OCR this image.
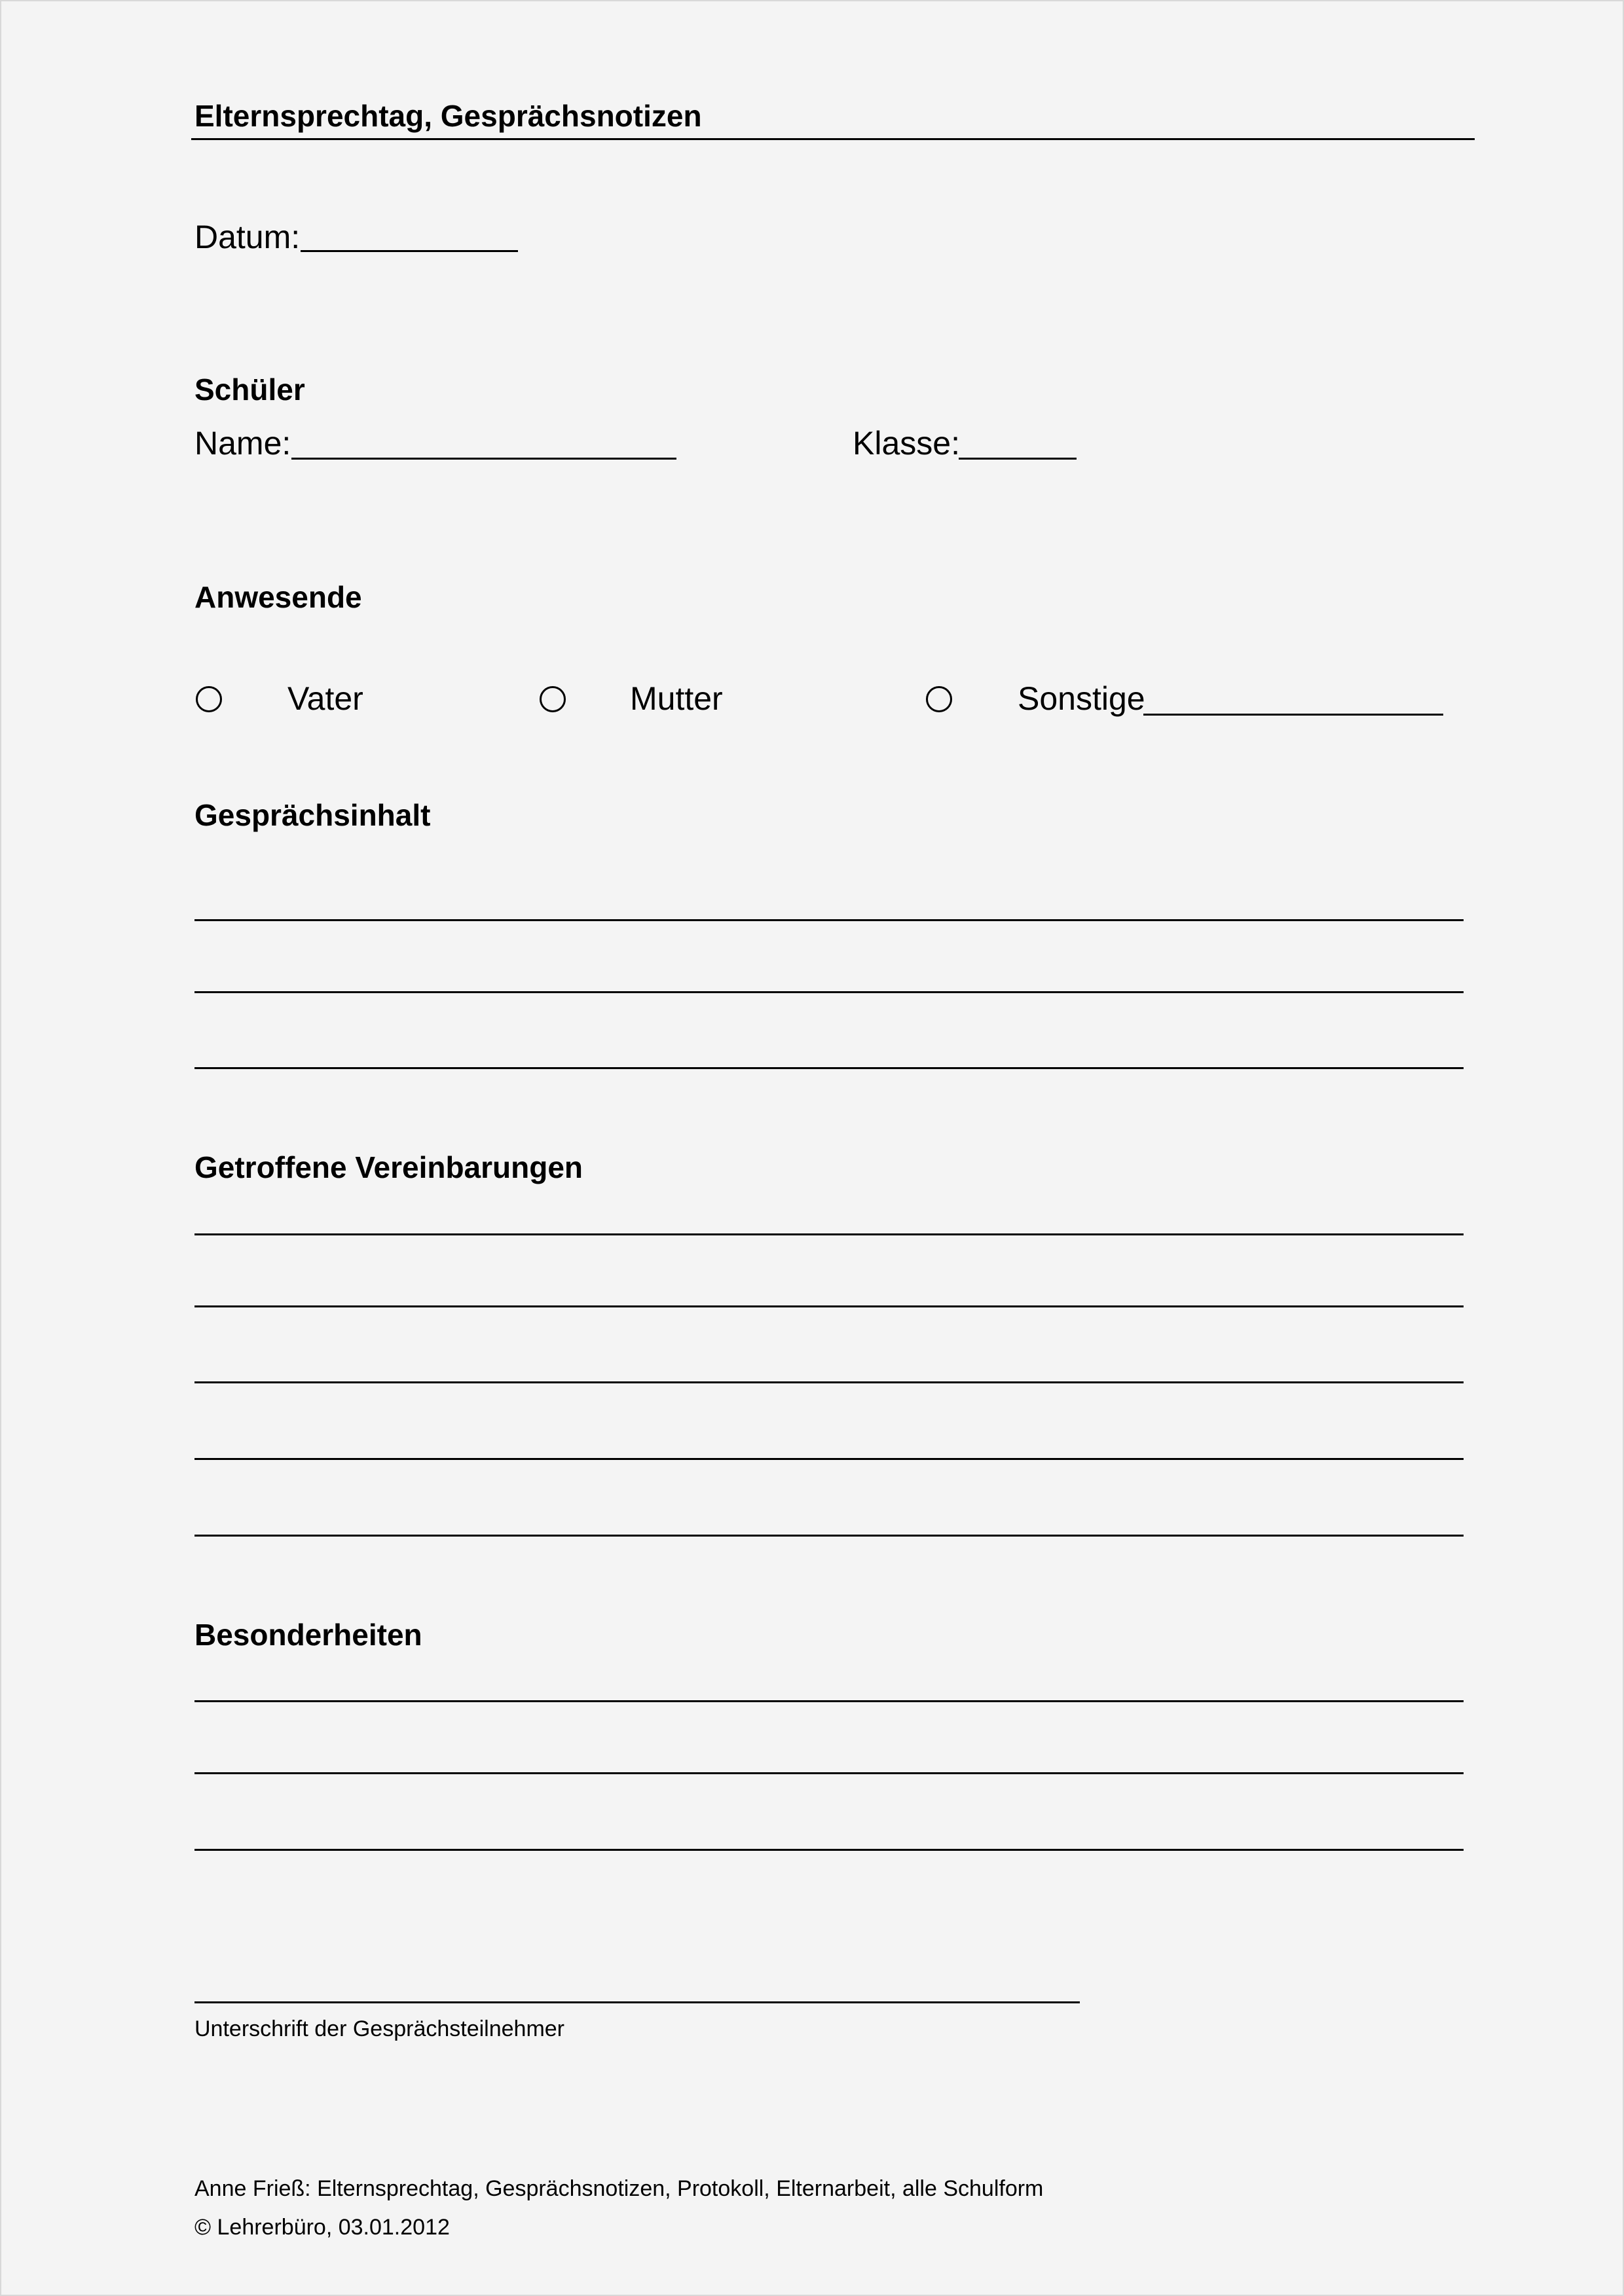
Elternsprechtag, Gesprächsnotizen
Datum:
Schüler
Name:	Klasse:
Anwesende
Vater	Mutter	Sonstige
Gesprächsinhalt
Getroffene Vereinbarungen
Besonderheiten
Unterschrift der Gesprächsteilnehmer
Anne Frieß: Elternsprechtag, Gesprächsnotizen, Protokoll, Elternarbeit, alle Schulform
© Lehrerbüro, 03.01.2012
